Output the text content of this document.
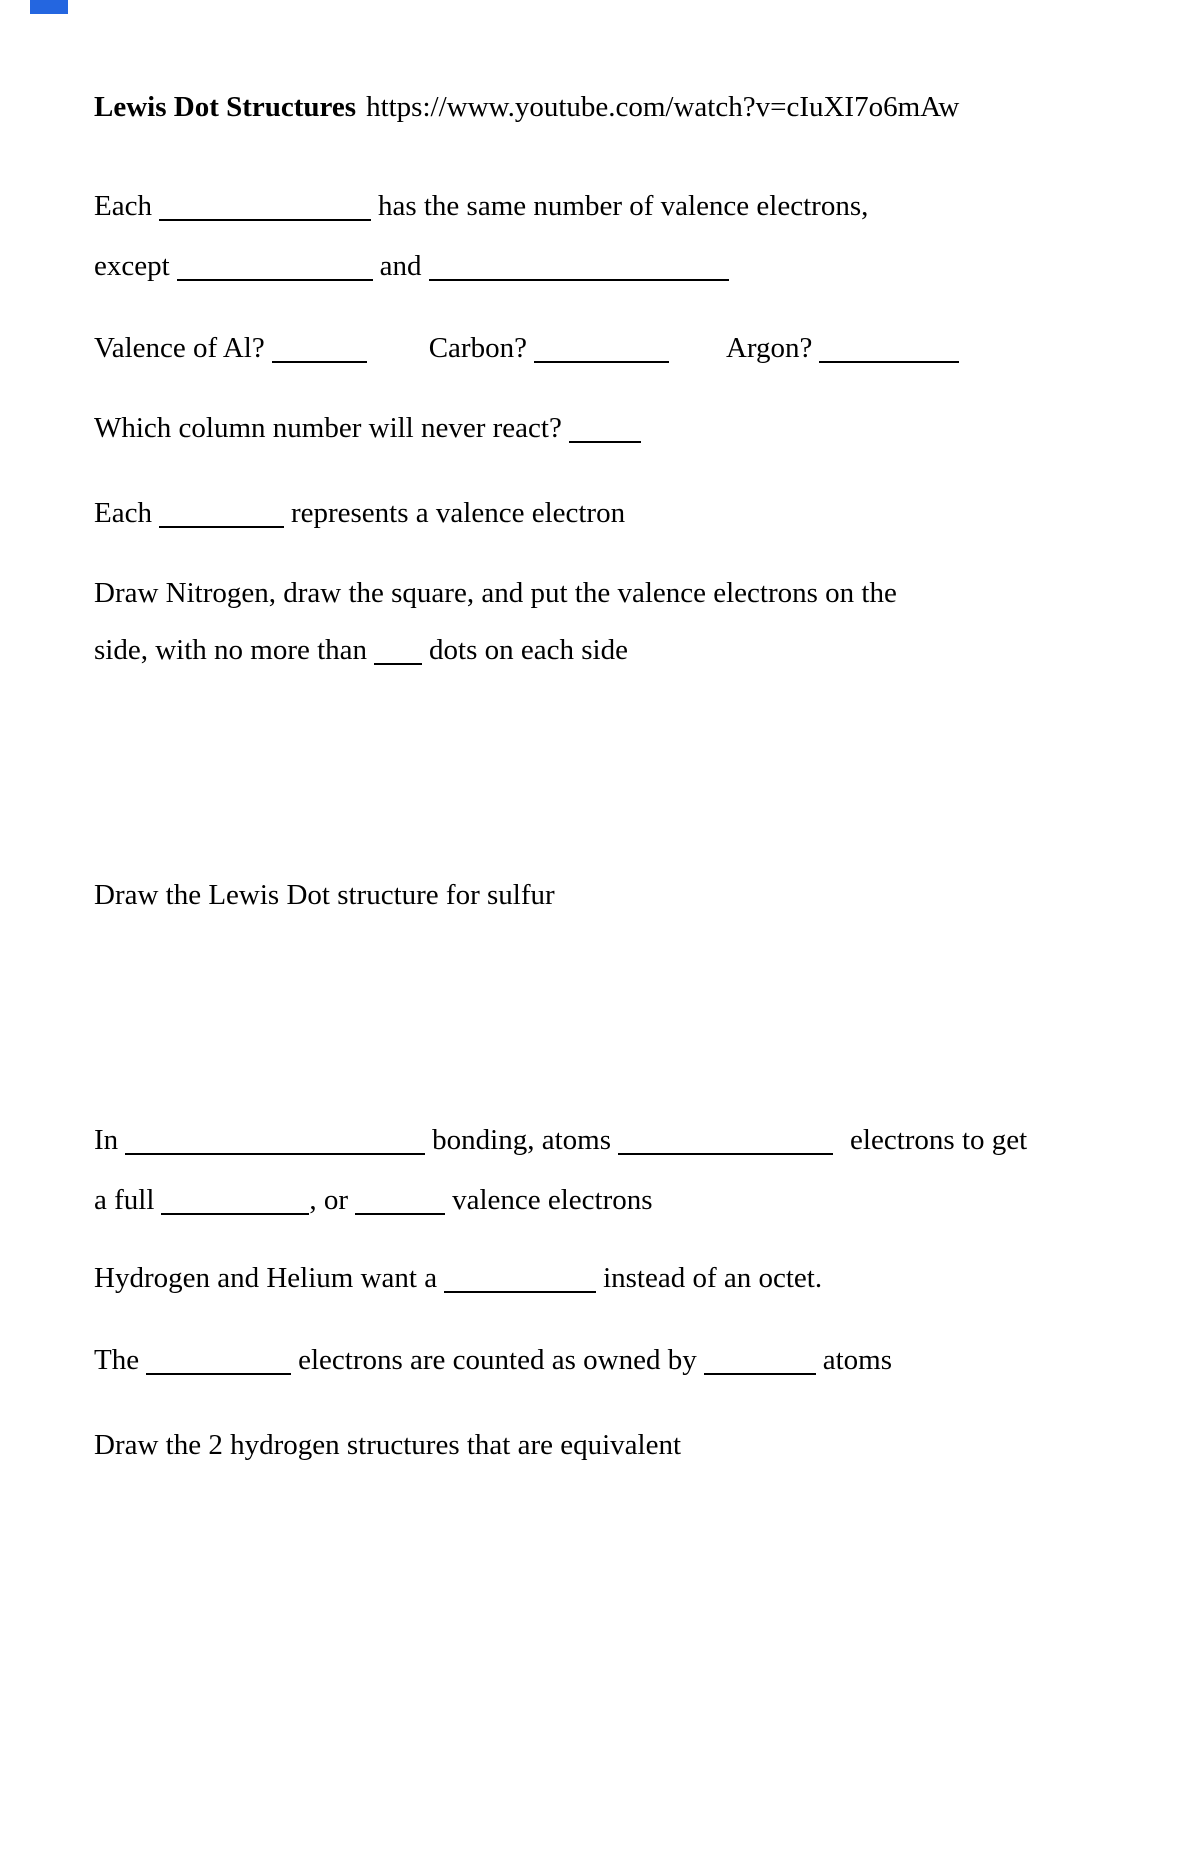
Lewis Dot Structures https://www.youtube.com/watch?v=cIuXI7o6mAw
Each	has the same number of valence electrons,
except	and
Valence of Al?	Carbon?	Argon?
Which column number will never react?
Each	represents a valence electron
Draw Nitrogen, draw the square, and put the valence electrons on the
side, with no more than dots on each side
Draw the Lewis Dot structure for sulfur
In	bonding, atoms	electrons to get
a full	, or	valence electrons
Hydrogen and Helium want a	instead of an octet.
The	electrons are counted as owned by	atoms
Draw the 2 hydrogen structures that are equivalent
